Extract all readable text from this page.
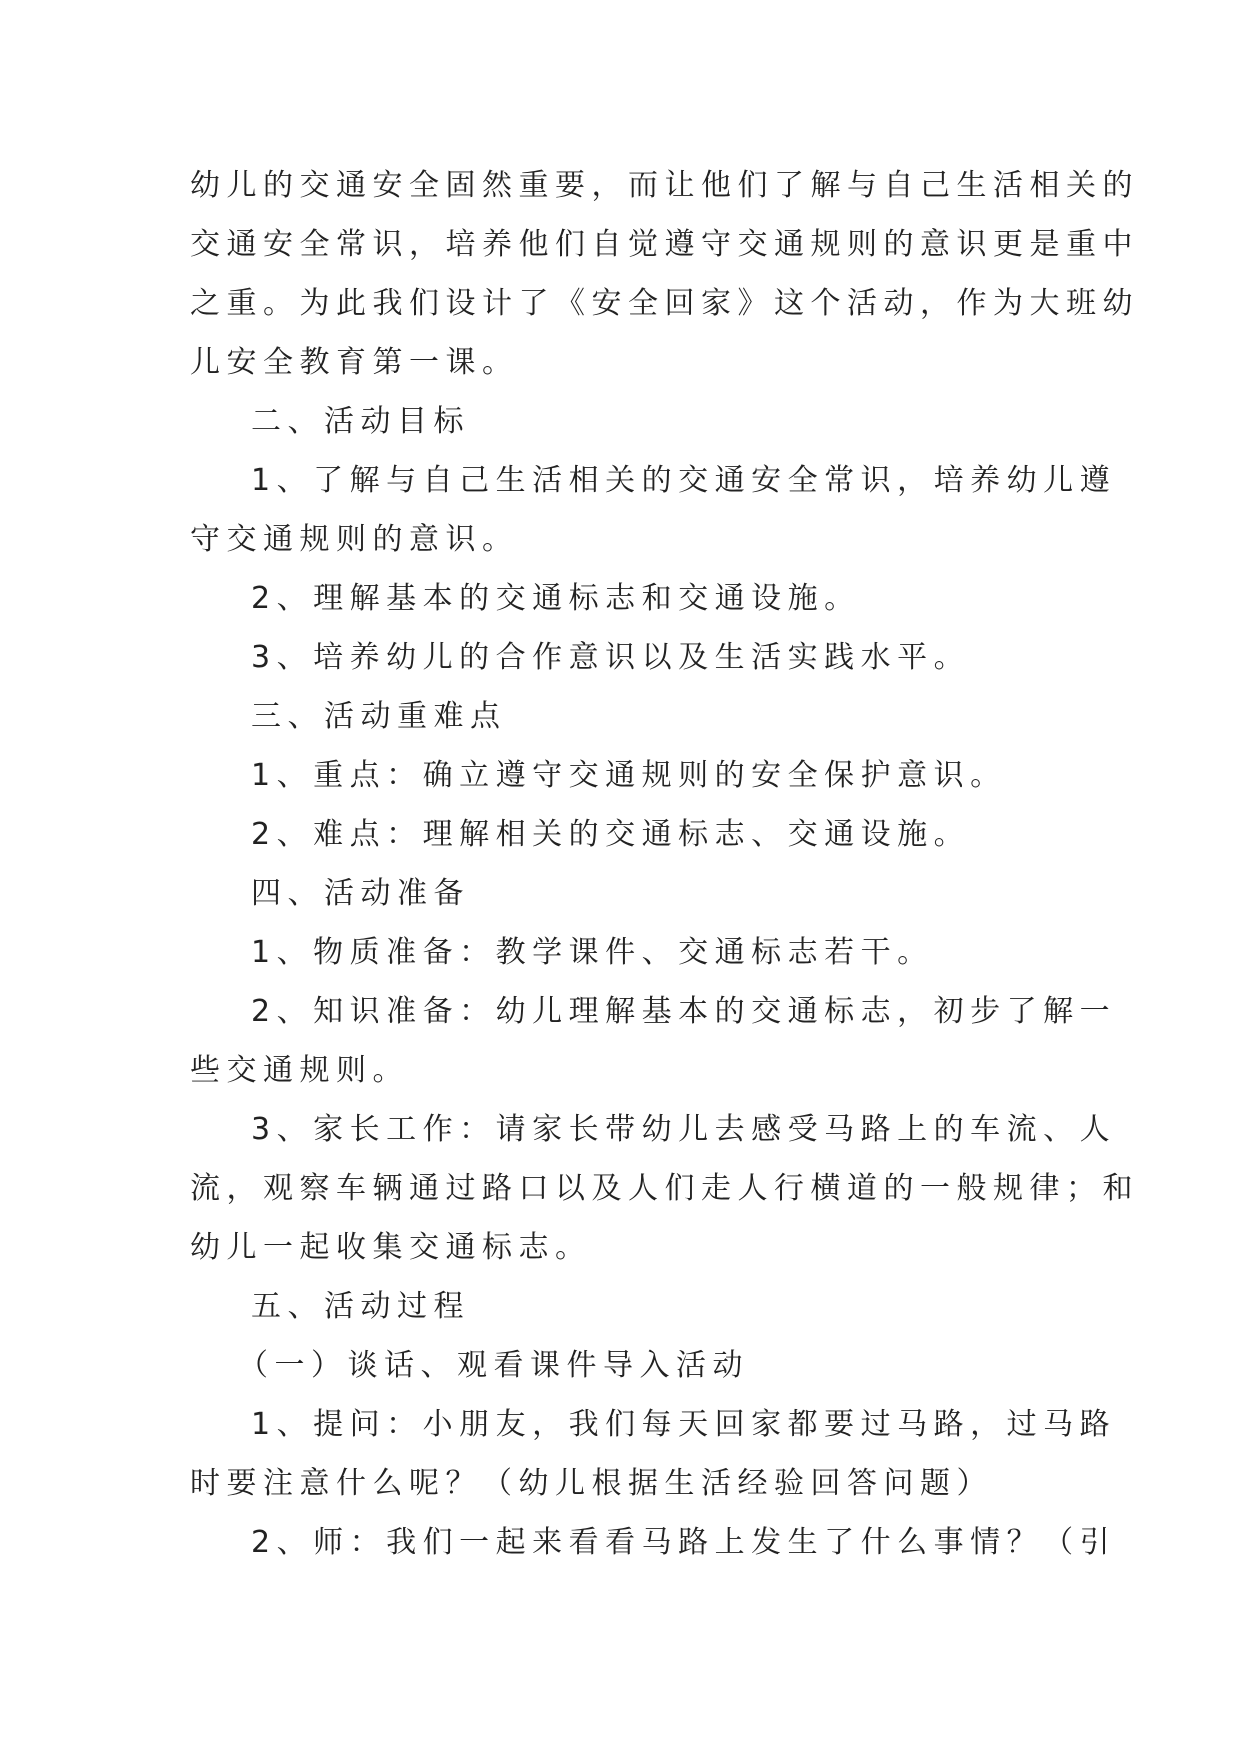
幼儿的交通安全固然重要，而让他们了解与自己生活相关的
交通安全常识，培养他们自觉遵守交通规则的意识更是重中
之重。为此我们设计了《安全回家》这个活动，作为大班幼
儿安全教育第一课。
二、活动目标
1、了解与自己生活相关的交通安全常识，培养幼儿遵
守交通规则的意识。
2、理解基本的交通标志和交通设施。
3、培养幼儿的合作意识以及生活实践水平。
三、活动重难点
1、重点：确立遵守交通规则的安全保护意识。
2、难点：理解相关的交通标志、交通设施。
四、活动准备
1、物质准备：教学课件、交通标志若干。
2、知识准备：幼儿理解基本的交通标志，初步了解一
些交通规则。
3、家长工作：请家长带幼儿去感受马路上的车流、人
流，观察车辆通过路口以及人们走人行横道的一般规律；和
幼儿一起收集交通标志。
五、活动过程
（一）谈话、观看课件导入活动
1、提问：小朋友，我们每天回家都要过马路，过马路
时要注意什么呢？（幼儿根据生活经验回答问题）
2、师：我们一起来看看马路上发生了什么事情？（引
